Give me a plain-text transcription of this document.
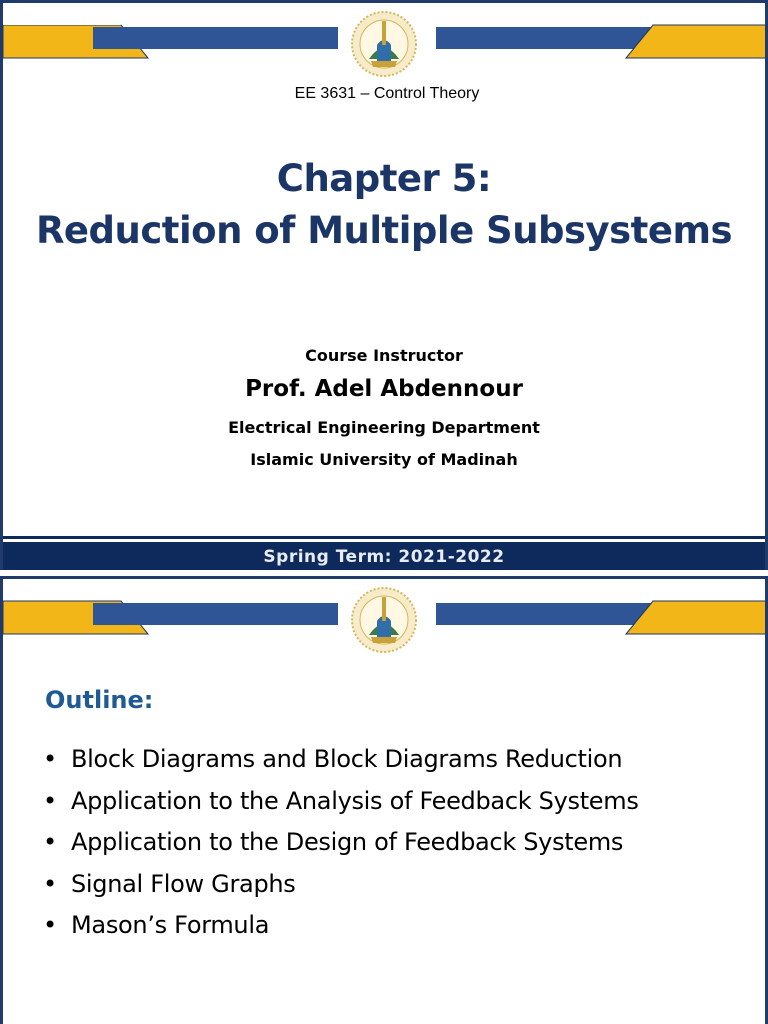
EE 3631 – Control Theory
Chapter 5:
Reduction of Multiple Subsystems
Course Instructor
Prof. Adel Abdennour
Electrical Engineering Department
Islamic University of Madinah
Spring Term: 2021-2022
Outline:
• Block Diagrams and Block Diagrams Reduction
• Application to the Analysis of Feedback Systems
• Application to the Design of Feedback Systems
• Signal Flow Graphs
• Mason’s Formula
